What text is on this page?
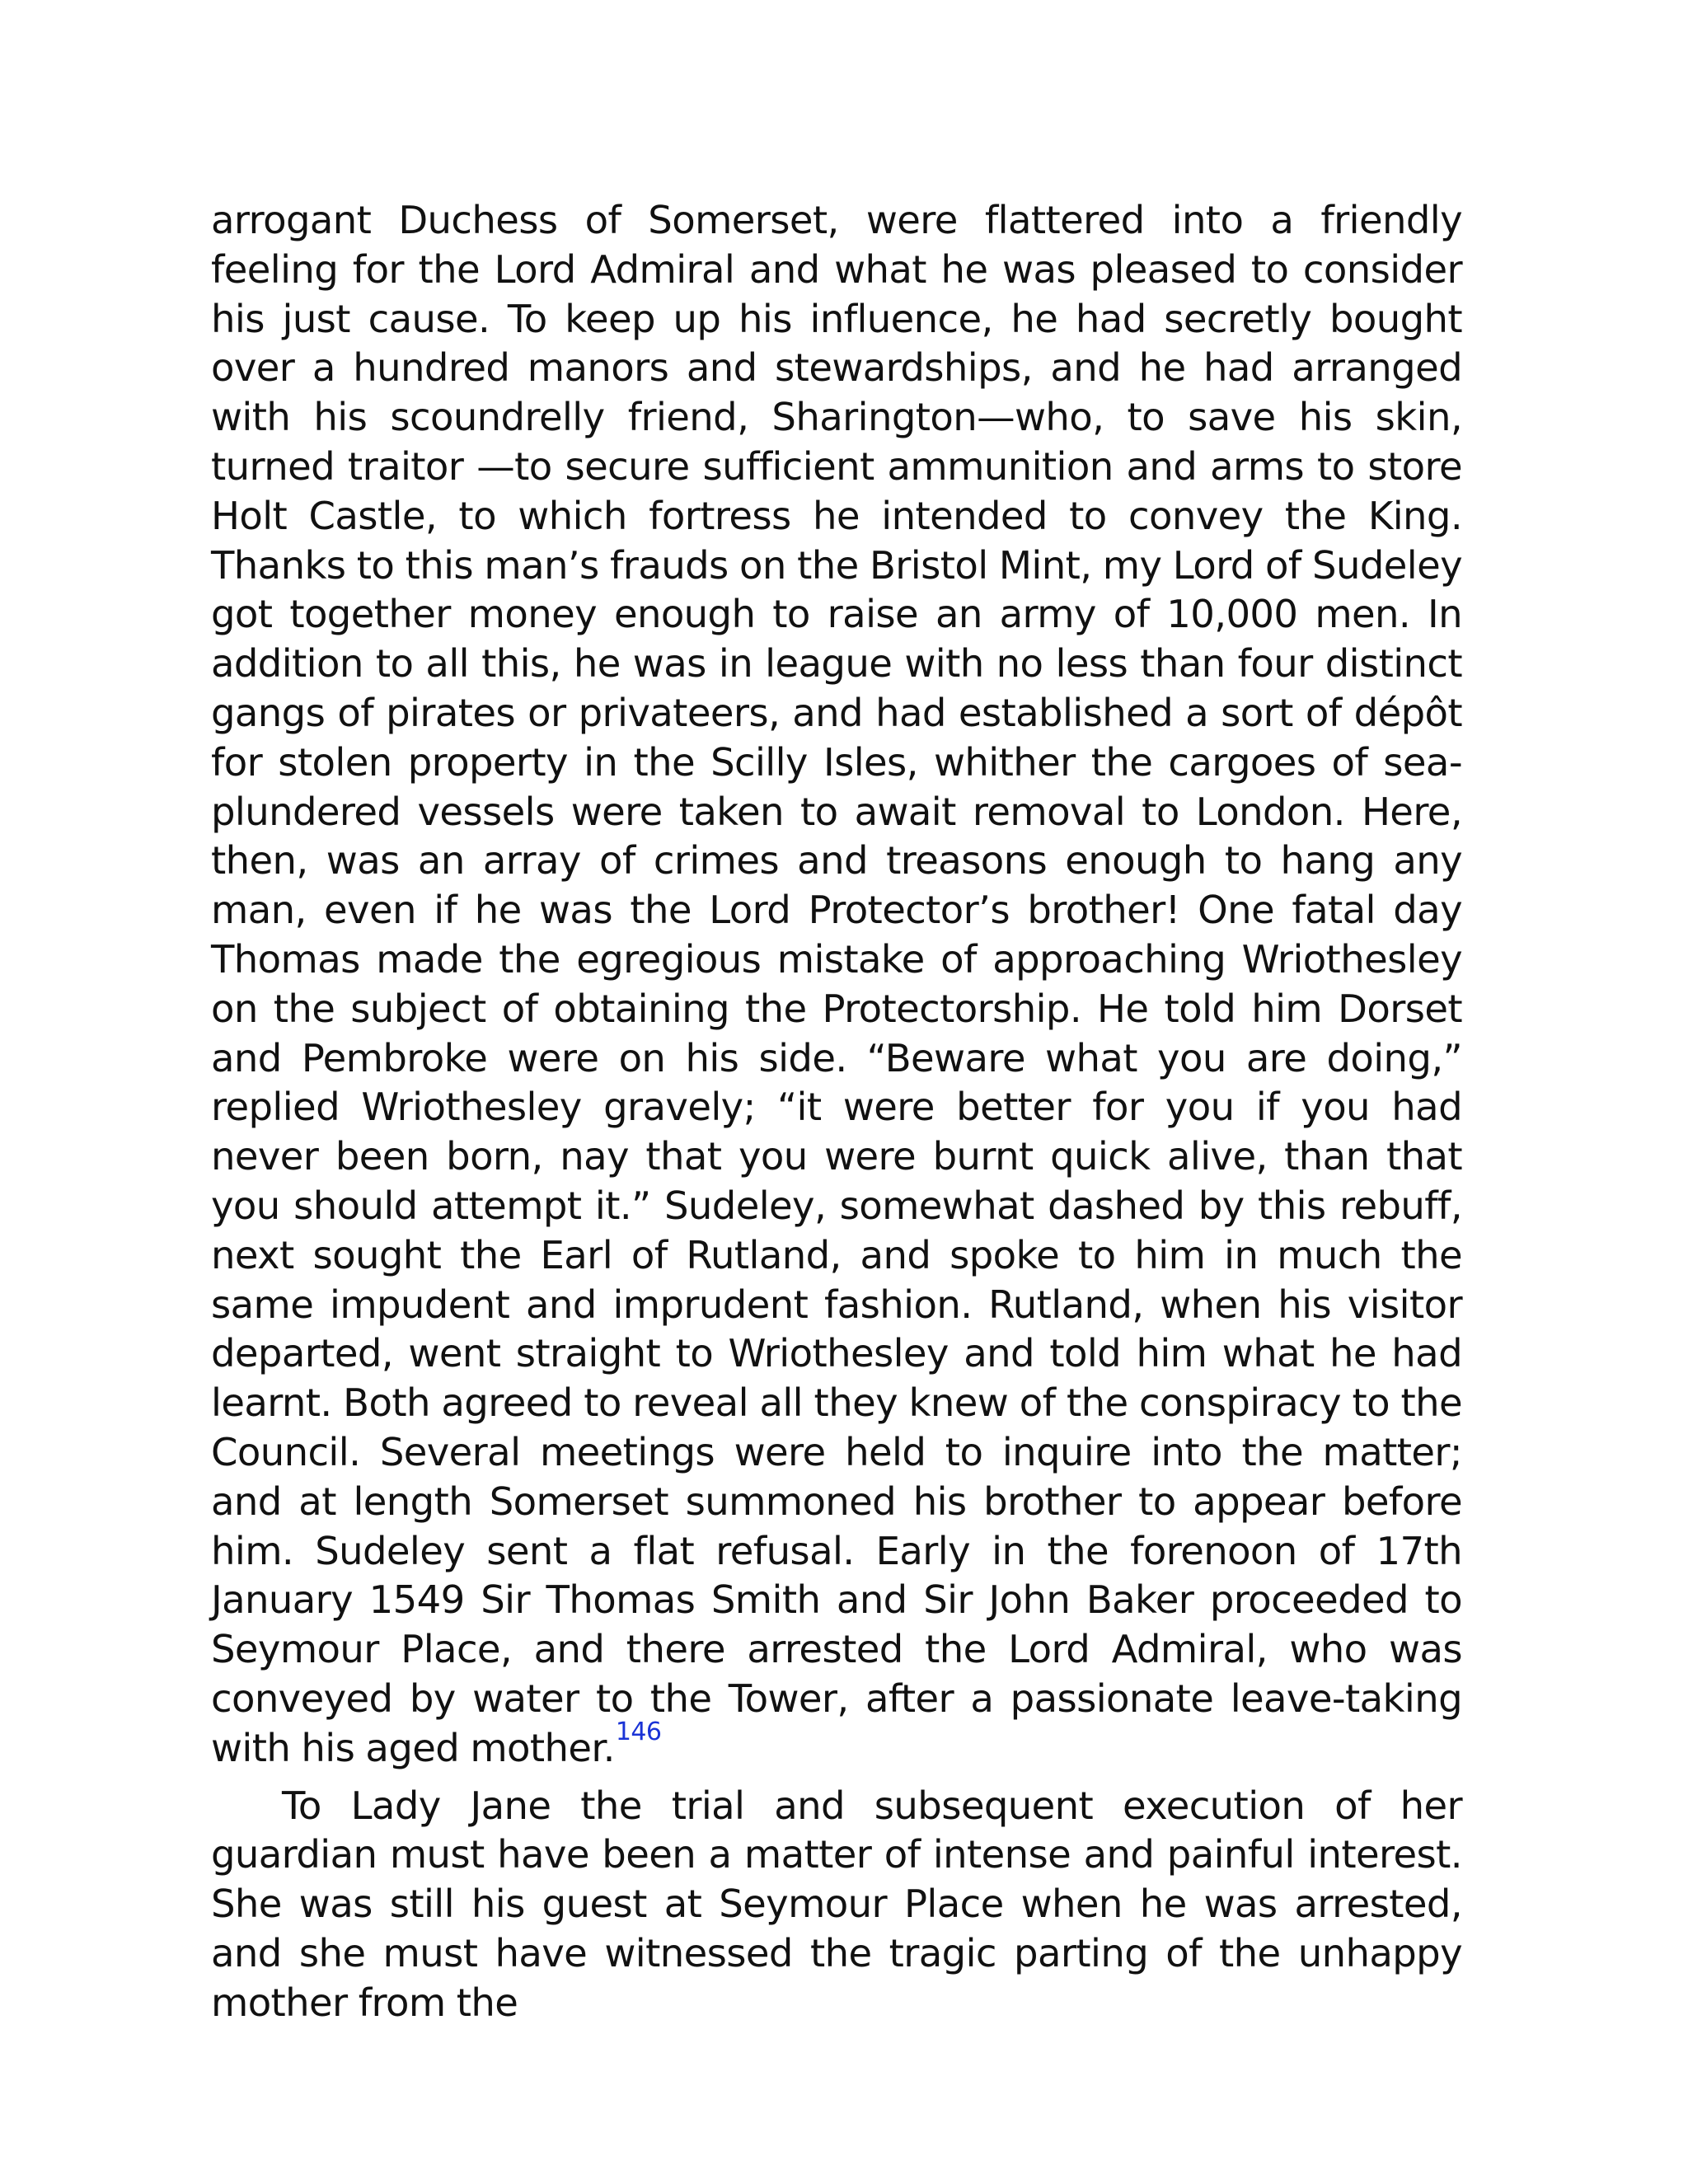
arrogant Duchess of Somerset, were flattered into a friendly feeling for the Lord Admiral and what he was pleased to consider his just cause. To keep up his influence, he had secretly bought over a hundred manors and stewardships, and he had arranged with his scoundrelly friend, Sharington—who, to save his skin, turned traitor —to secure sufficient ammunition and arms to store Holt Castle, to which fortress he intended to convey the King. Thanks to this man’s frauds on the Bristol Mint, my Lord of Sudeley got together money enough to raise an army of 10,000 men. In addition to all this, he was in league with no less than four distinct gangs of pirates or privateers, and had established a sort of dépôt for stolen property in the Scilly Isles, whither the cargoes of sea-plundered vessels were taken to await removal to London. Here, then, was an array of crimes and treasons enough to hang any man, even if he was the Lord Protector’s brother! One fatal day Thomas made the egregious mistake of approaching Wriothesley on the subject of obtaining the Protectorship. He told him Dorset and Pembroke were on his side. “Beware what you are doing,” replied Wriothesley gravely; “it were better for you if you had never been born, nay that you were burnt quick alive, than that you should attempt it.” Sudeley, somewhat dashed by this rebuff, next sought the Earl of Rutland, and spoke to him in much the same impudent and imprudent fashion. Rutland, when his visitor departed, went straight to Wriothesley and told him what he had learnt. Both agreed to reveal all they knew of the conspiracy to the Council. Several meetings were held to inquire into the matter; and at length Somerset summoned his brother to appear before him. Sudeley sent a flat refusal. Early in the forenoon of 17th January 1549 Sir Thomas Smith and Sir John Baker proceeded to Seymour Place, and there arrested the Lord Admiral, who was conveyed by water to the Tower, after a passionate leave-taking with his aged mother.$^{146}$

To Lady Jane the trial and subsequent execution of her guardian must have been a matter of intense and painful interest. She was still his guest at Seymour Place when he was arrested, and she must have witnessed the tragic parting of the unhappy mother from the
